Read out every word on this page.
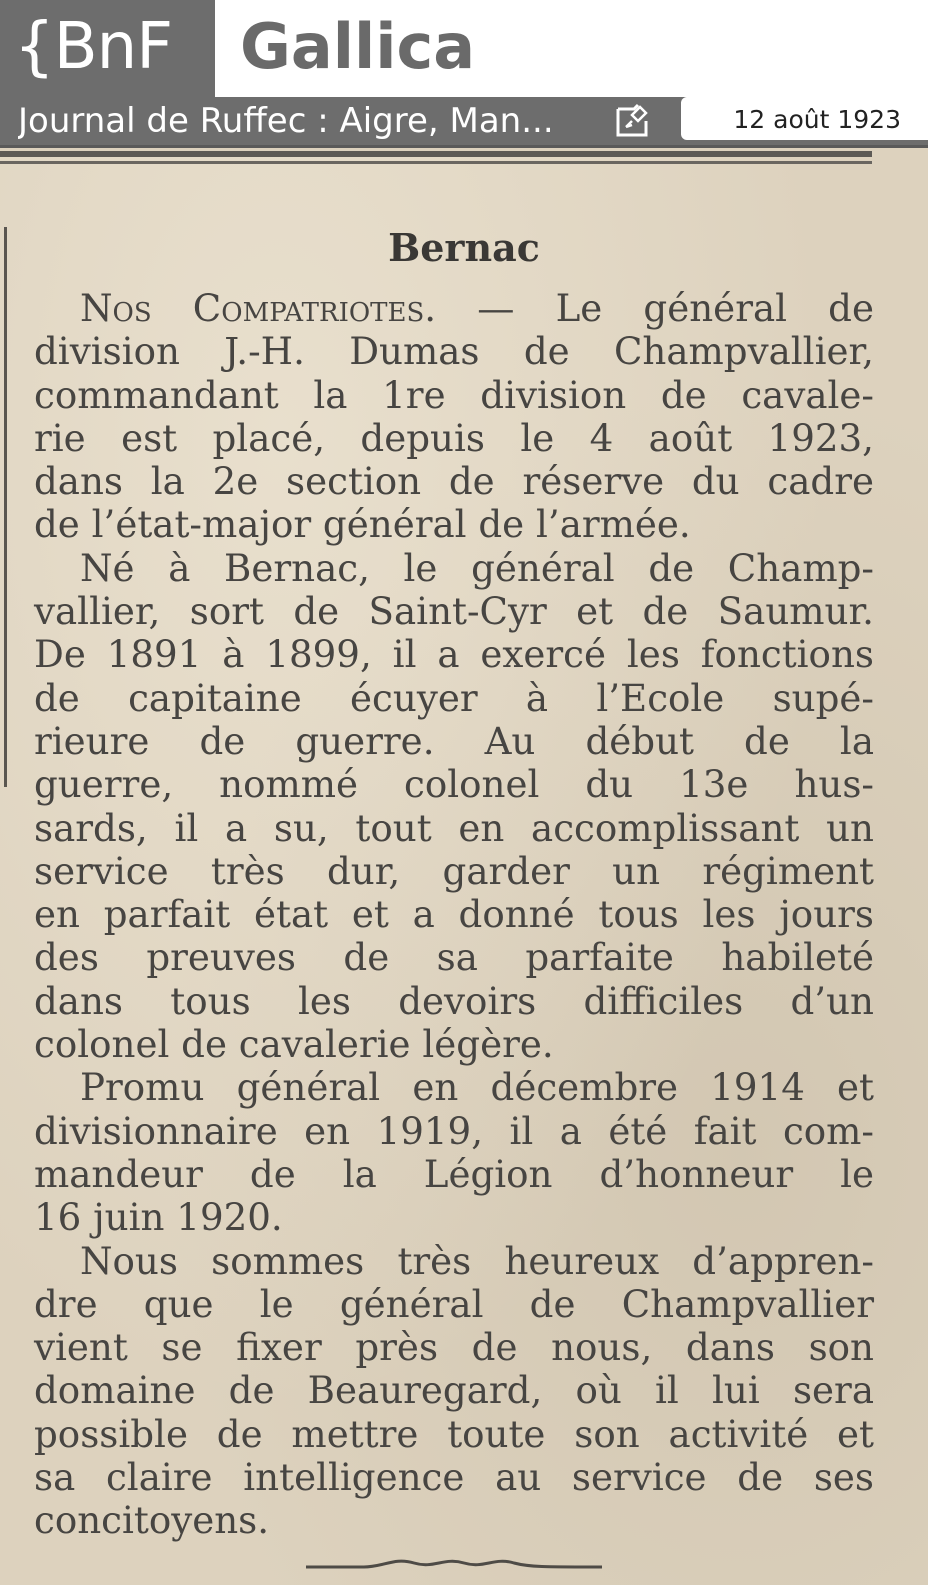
{BnF Gallica
Journal de Ruffec : Aigre, Man...	12 août 1923
Bernac

Nos Compatriotes. — Le général de

division J.-H. Dumas de Champvallier,

commandant la 1re division de cavale-

rie est placé, depuis le 4 août 1923,

dans la 2e section de réserve du cadre

de l’état-major général de l’armée.

Né à Bernac, le général de Champ-

vallier, sort de Saint-Cyr et de Saumur.

De 1891 à 1899, il a exercé les fonctions

de capitaine écuyer à l’Ecole supé-

rieure de guerre. Au début de la

guerre, nommé colonel du 13e hus-

sards, il a su, tout en accomplissant un

service très dur, garder un régiment

en parfait état et a donné tous les jours

des preuves de sa parfaite habileté

dans tous les devoirs difficiles d’un

colonel de cavalerie légère.

Promu général en décembre 1914 et

divisionnaire en 1919, il a été fait com-

mandeur de la Légion d’honneur le

16 juin 1920.

Nous sommes très heureux d’appren-

dre que le général de Champvallier

vient se fixer près de nous, dans son

domaine de Beauregard, où il lui sera

possible de mettre toute son activité et

sa claire intelligence au service de ses

concitoyens.
